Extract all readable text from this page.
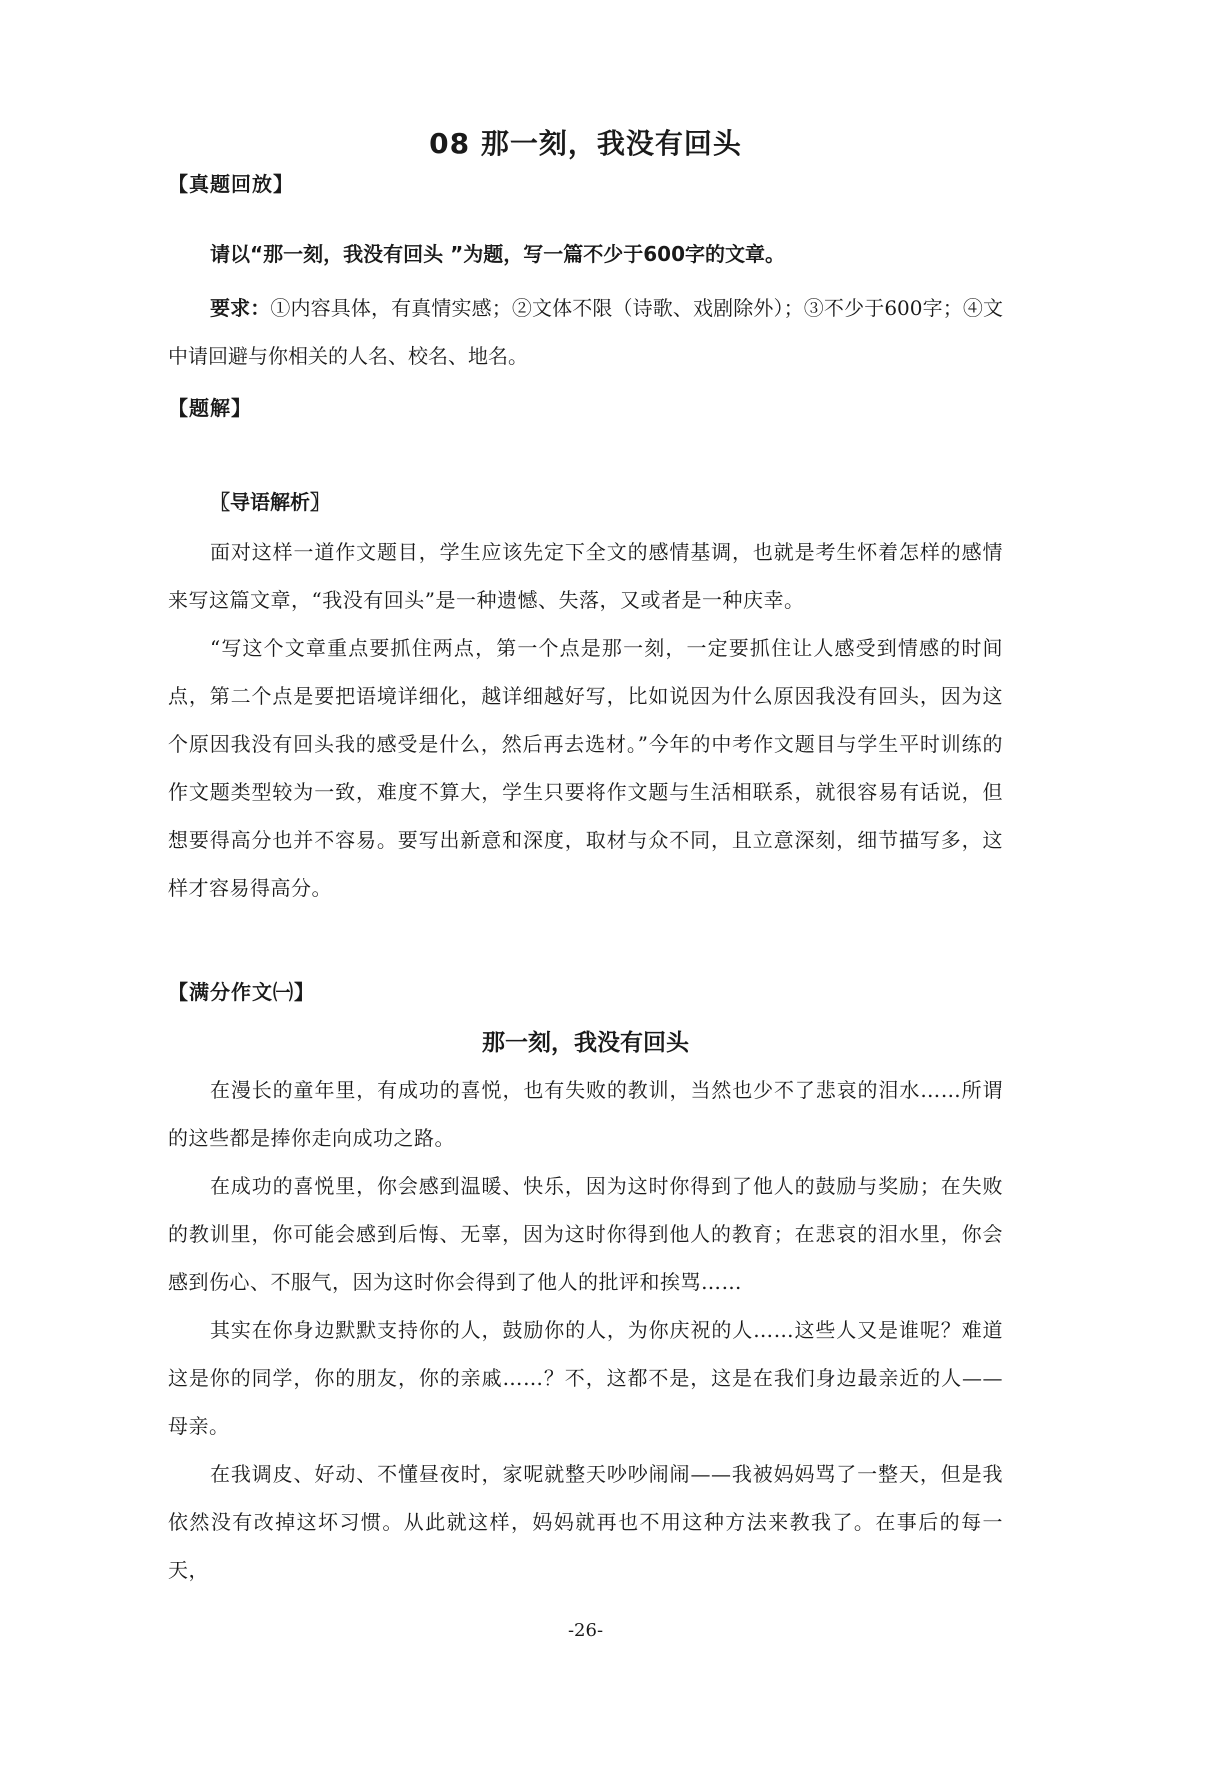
08 那一刻，我没有回头
【真题回放】
请以“那一刻，我没有回头 ”为题，写一篇不少于600字的文章。
要求：①内容具体，有真情实感；②文体不限（诗歌、戏剧除外）；③不少于600字；④文中请回避与你相关的人名、校名、地名。
【题解】
〖导语解析〗
面对这样一道作文题目，学生应该先定下全文的感情基调，也就是考生怀着怎样的感情来写这篇文章，“我没有回头”是一种遗憾、失落，又或者是一种庆幸。
“写这个文章重点要抓住两点，第一个点是那一刻，一定要抓住让人感受到情感的时间点，第二个点是要把语境详细化，越详细越好写，比如说因为什么原因我没有回头，因为这个原因我没有回头我的感受是什么，然后再去选材。”今年的中考作文题目与学生平时训练的作文题类型较为一致，难度不算大，学生只要将作文题与生活相联系，就很容易有话说，但想要得高分也并不容易。要写出新意和深度，取材与众不同，且立意深刻，细节描写多，这样才容易得高分。
【满分作文㈠】
那一刻，我没有回头
在漫长的童年里，有成功的喜悦，也有失败的教训，当然也少不了悲哀的泪水……所谓的这些都是捧你走向成功之路。
在成功的喜悦里，你会感到温暖、快乐，因为这时你得到了他人的鼓励与奖励；在失败的教训里，你可能会感到后悔、无辜，因为这时你得到他人的教育；在悲哀的泪水里，你会感到伤心、不服气，因为这时你会得到了他人的批评和挨骂……
其实在你身边默默支持你的人，鼓励你的人，为你庆祝的人……这些人又是谁呢？难道这是你的同学，你的朋友，你的亲戚……？不，这都不是，这是在我们身边最亲近的人——母亲。
在我调皮、好动、不懂昼夜时，家呢就整天吵吵闹闹——我被妈妈骂了一整天，但是我依然没有改掉这坏习惯。从此就这样，妈妈就再也不用这种方法来教我了。在事后的每一天，
-26-
